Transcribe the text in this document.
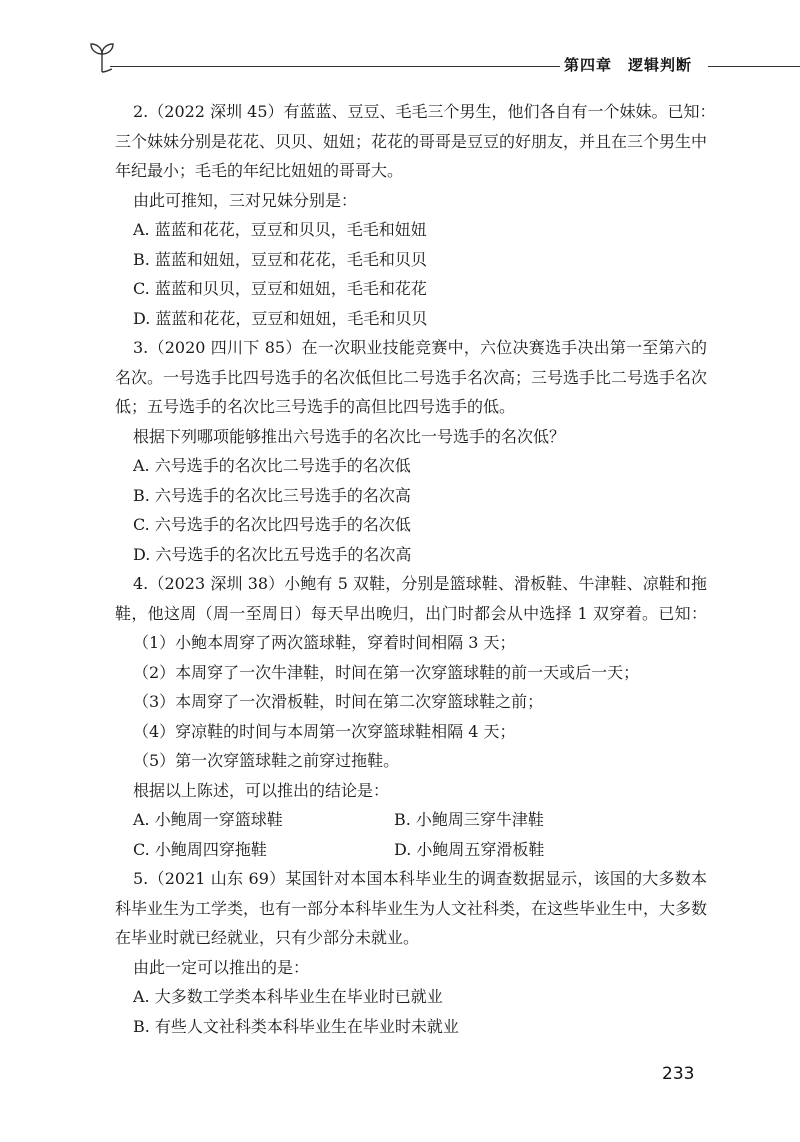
第四章　逻辑判断
2.（2022 深圳 45）有蓝蓝、豆豆、毛毛三个男生，他们各自有一个妹妹。已知：
三个妹妹分别是花花、贝贝、妞妞；花花的哥哥是豆豆的好朋友，并且在三个男生中
年纪最小；毛毛的年纪比妞妞的哥哥大。
由此可推知，三对兄妹分别是：
A. 蓝蓝和花花，豆豆和贝贝，毛毛和妞妞
B. 蓝蓝和妞妞，豆豆和花花，毛毛和贝贝
C. 蓝蓝和贝贝，豆豆和妞妞，毛毛和花花
D. 蓝蓝和花花，豆豆和妞妞，毛毛和贝贝
3.（2020 四川下 85）在一次职业技能竞赛中，六位决赛选手决出第一至第六的
名次。一号选手比四号选手的名次低但比二号选手名次高；三号选手比二号选手名次
低；五号选手的名次比三号选手的高但比四号选手的低。
根据下列哪项能够推出六号选手的名次比一号选手的名次低？
A. 六号选手的名次比二号选手的名次低
B. 六号选手的名次比三号选手的名次高
C. 六号选手的名次比四号选手的名次低
D. 六号选手的名次比五号选手的名次高
4.（2023 深圳 38）小鲍有 5 双鞋，分别是篮球鞋、滑板鞋、牛津鞋、凉鞋和拖
鞋，他这周（周一至周日）每天早出晚归，出门时都会从中选择 1 双穿着。已知：
（1）小鲍本周穿了两次篮球鞋，穿着时间相隔 3 天；
（2）本周穿了一次牛津鞋，时间在第一次穿篮球鞋的前一天或后一天；
（3）本周穿了一次滑板鞋，时间在第二次穿篮球鞋之前；
（4）穿凉鞋的时间与本周第一次穿篮球鞋相隔 4 天；
（5）第一次穿篮球鞋之前穿过拖鞋。
根据以上陈述，可以推出的结论是：
A. 小鲍周一穿篮球鞋	B. 小鲍周三穿牛津鞋
C. 小鲍周四穿拖鞋	D. 小鲍周五穿滑板鞋
5.（2021 山东 69）某国针对本国本科毕业生的调查数据显示，该国的大多数本
科毕业生为工学类，也有一部分本科毕业生为人文社科类，在这些毕业生中，大多数
在毕业时就已经就业，只有少部分未就业。
由此一定可以推出的是：
A. 大多数工学类本科毕业生在毕业时已就业
B. 有些人文社科类本科毕业生在毕业时未就业
233
